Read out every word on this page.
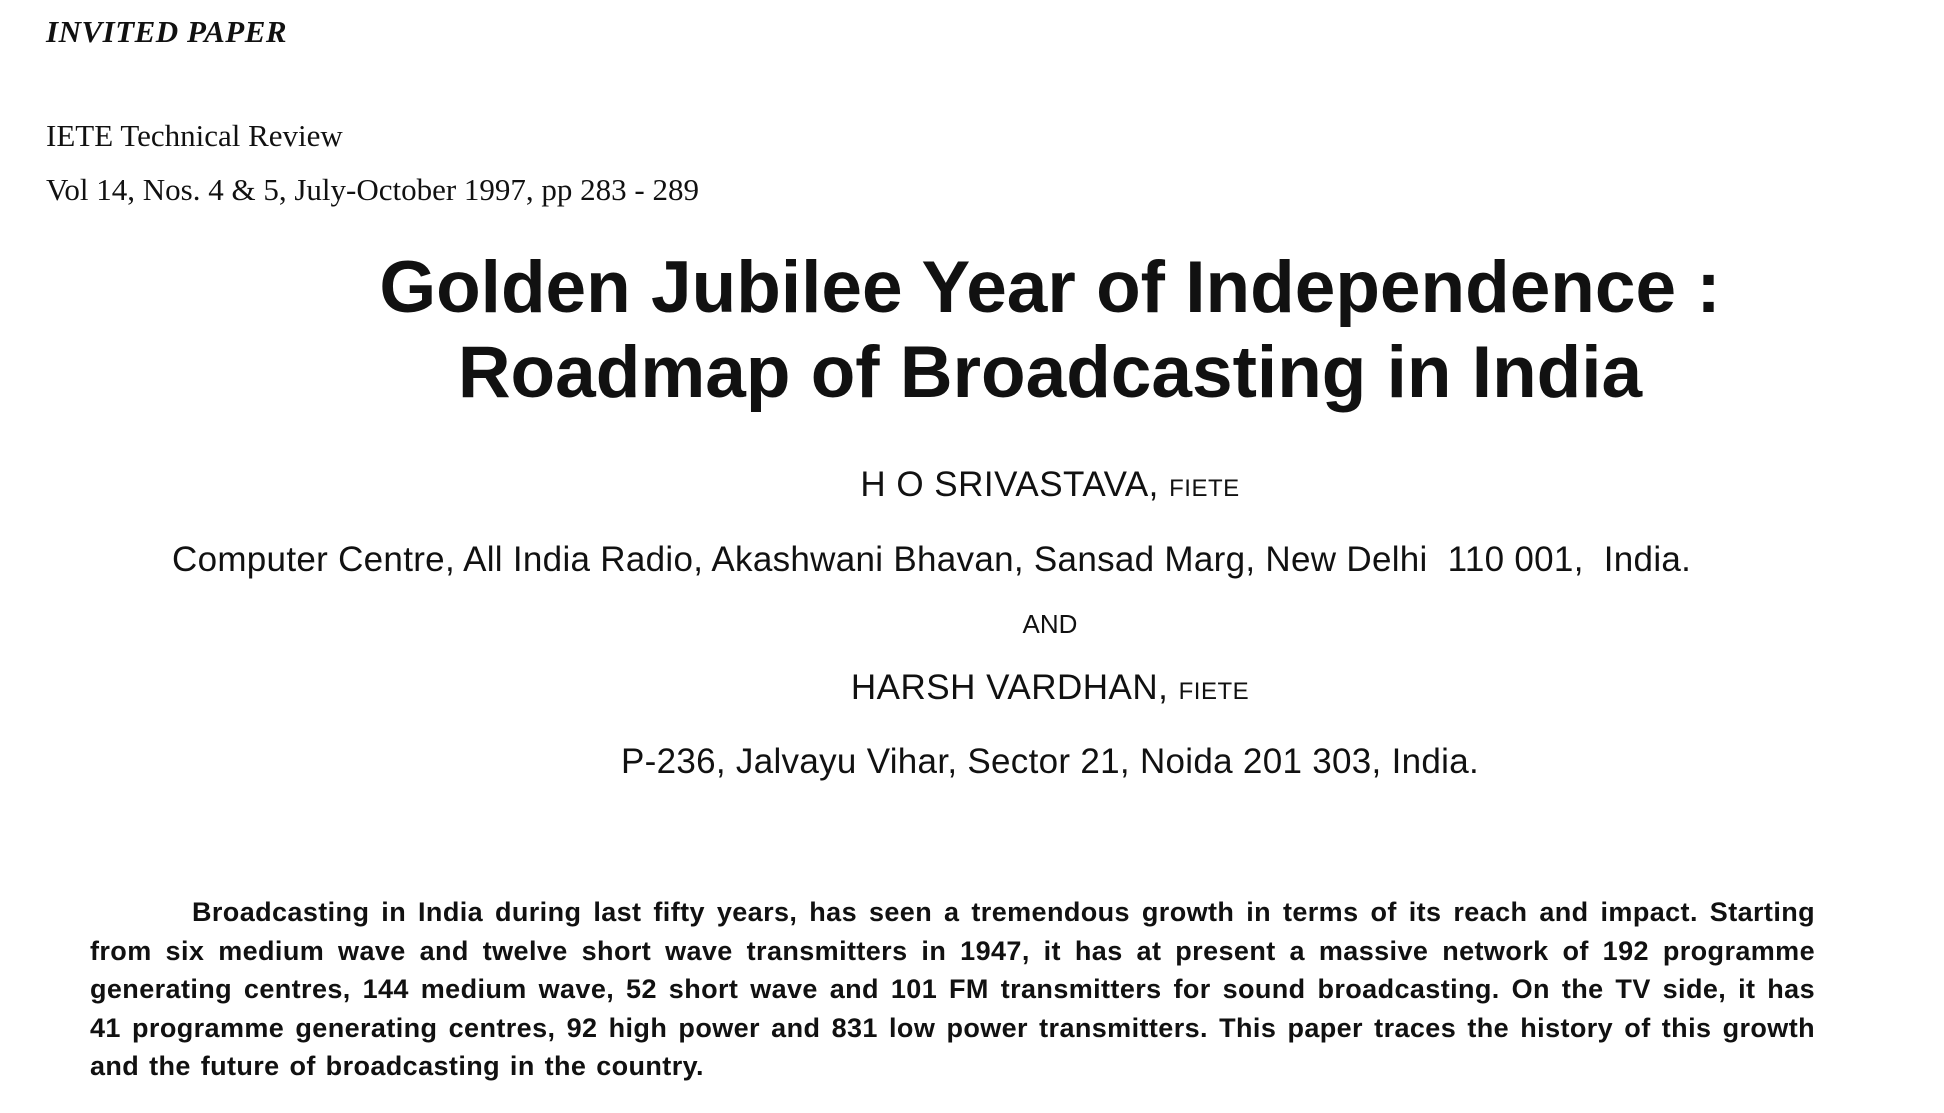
INVITED PAPER
IETE Technical Review
Vol 14, Nos. 4 & 5, July-October 1997, pp 283 - 289
Golden Jubilee Year of Independence :
Roadmap of Broadcasting in India
H O SRIVASTAVA, FIETE
Computer Centre, All India Radio, Akashwani Bhavan, Sansad Marg, New Delhi  110 001,  India.
AND
HARSH VARDHAN, FIETE
P-236, Jalvayu Vihar, Sector 21, Noida 201 303, India.
Broadcasting in India during last fifty years, has seen a tremendous growth in terms of its reach and impact. Starting from six medium wave and twelve short wave transmitters in 1947, it has at present a massive network of 192 programme generating centres, 144 medium wave, 52 short wave and 101 FM transmitters for sound broadcasting. On the TV side, it has 41 programme generating centres, 92 high power and 831 low power transmitters. This paper traces the history of this growth and the future of broadcasting in the country.
